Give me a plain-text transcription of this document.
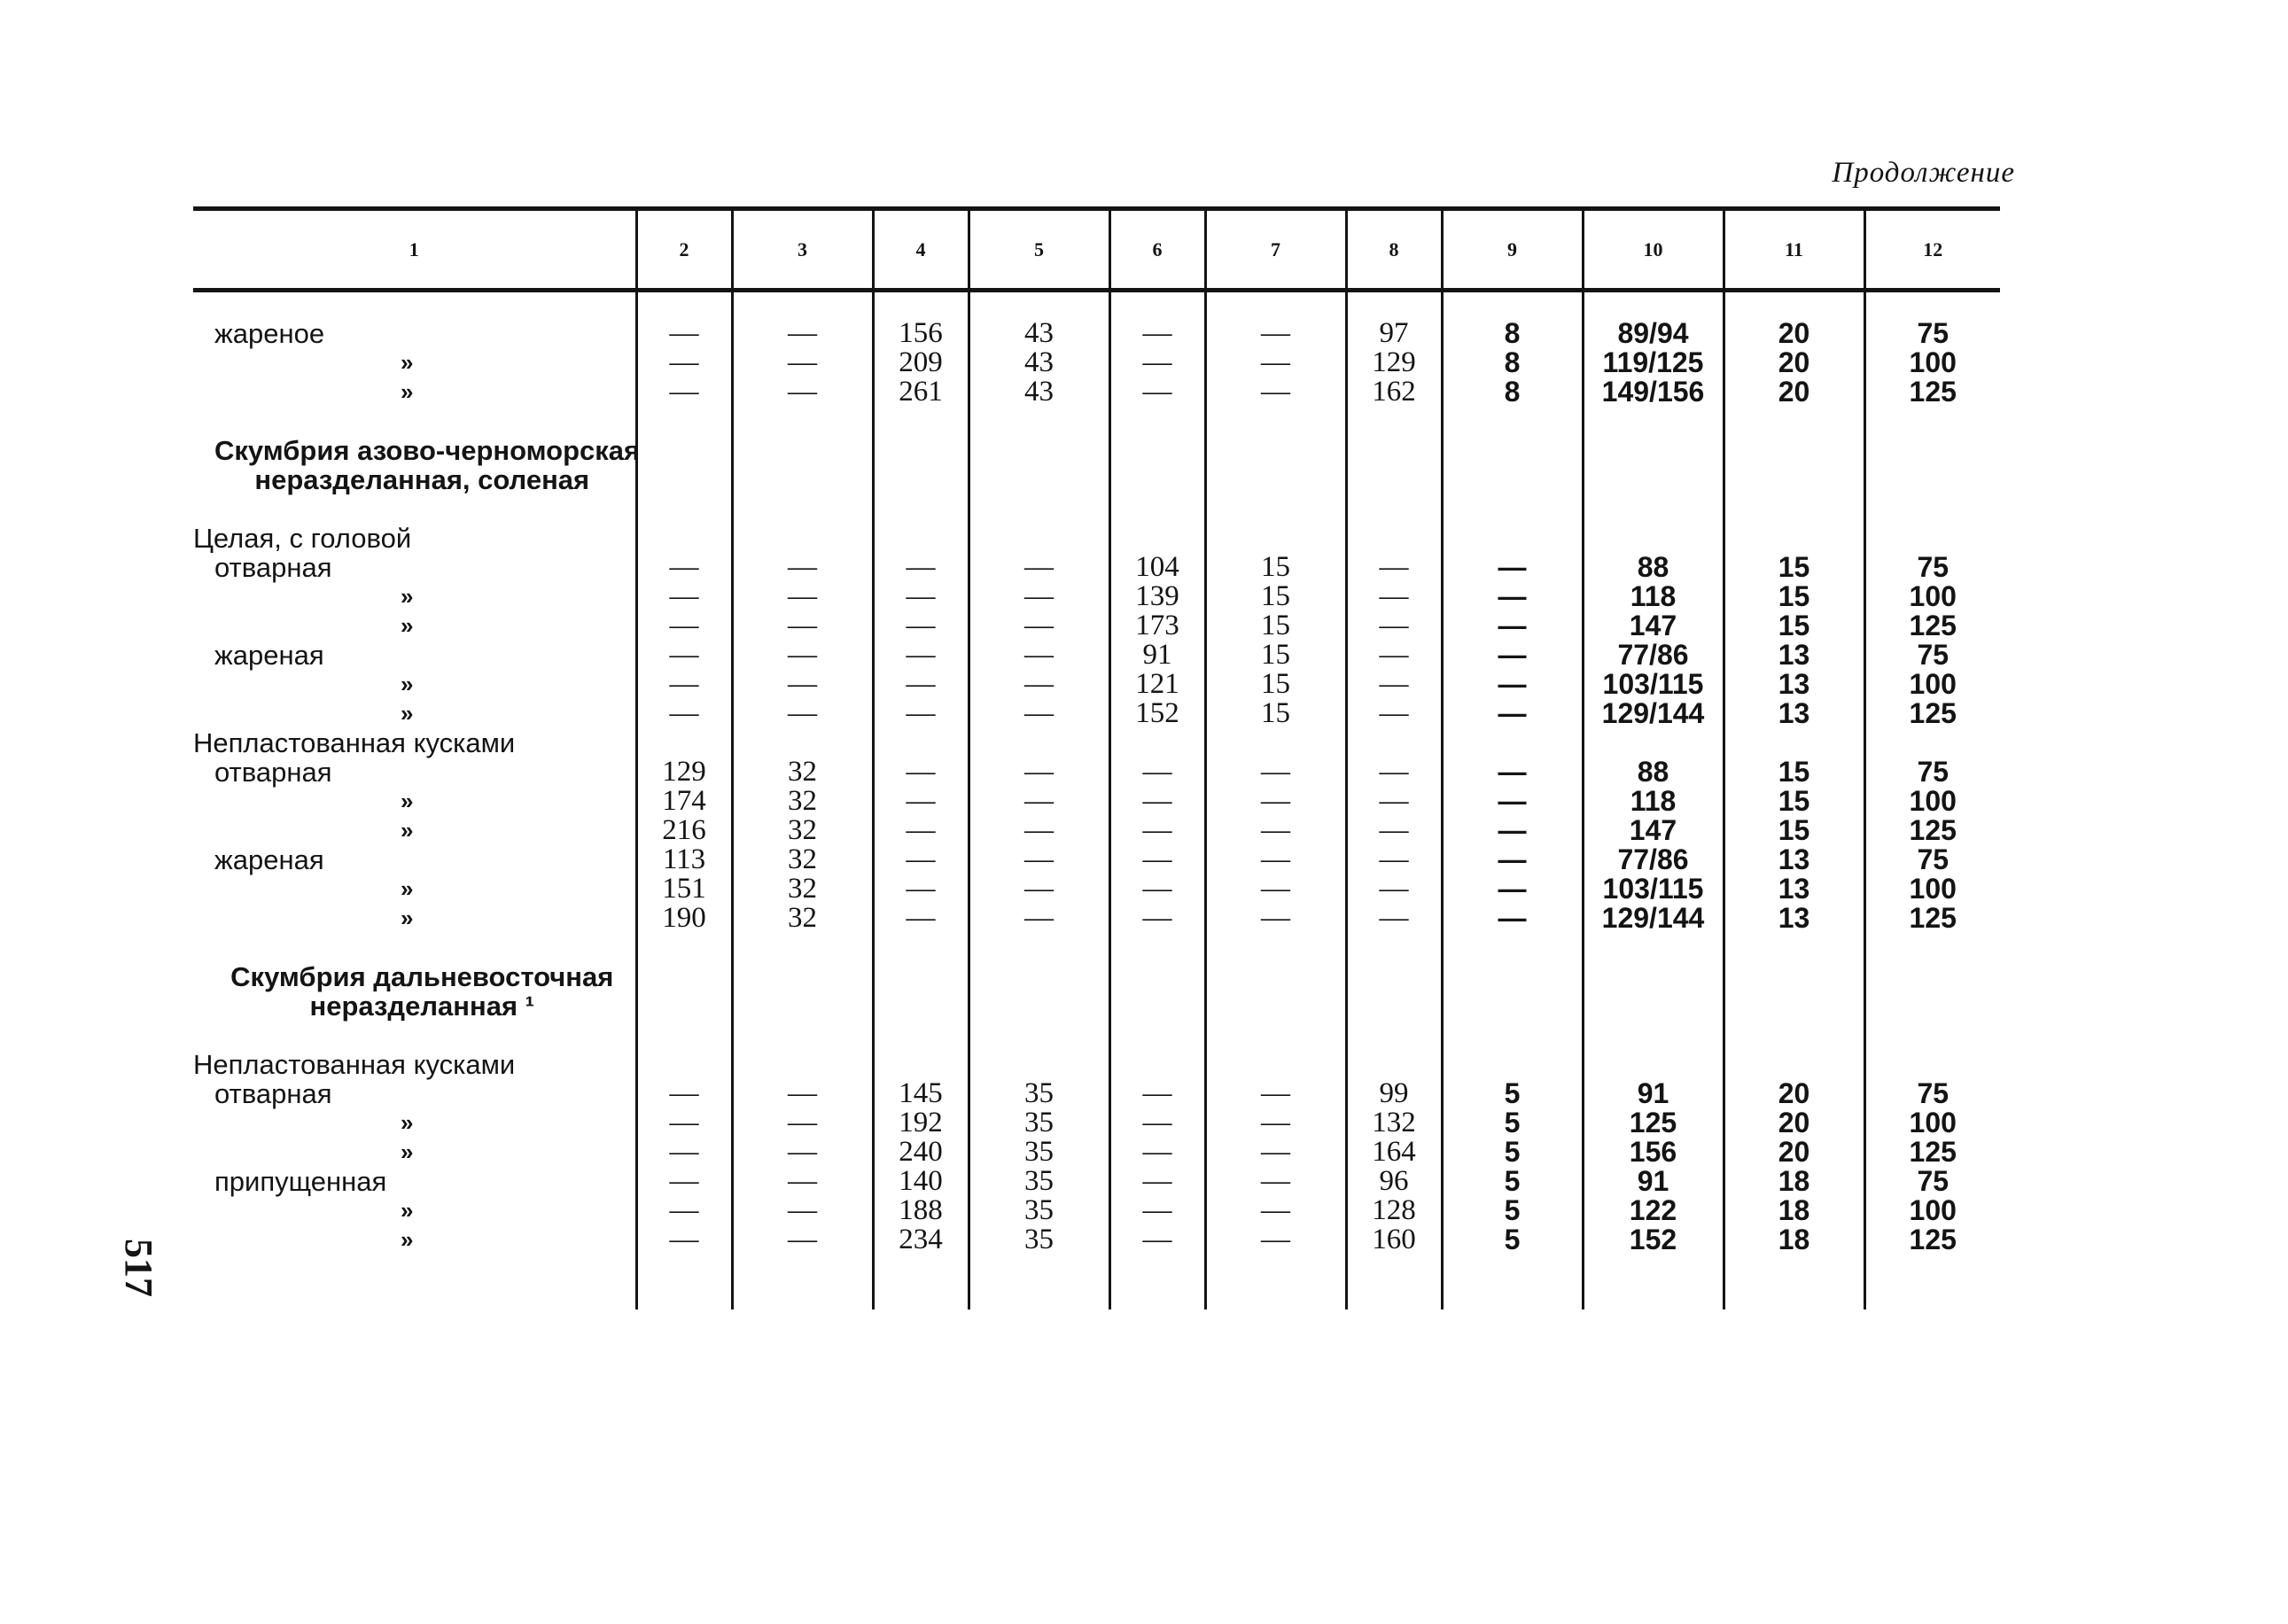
Продолжение
517
1	2	3	4	5	6	7	8	9	10	11	12
жареное	—	—	156	43	—	—	97	8	89/94	20	75
»	—	—	209	43	—	—	129	8	119/125	20	100
»	—	—	261	43	—	—	162	8	149/156	20	125

Скумбрия азово-черноморская											
неразделанная, соленая											

Целая, с головой											
отварная	—	—	—	—	104	15	—	—	88	15	75
»	—	—	—	—	139	15	—	—	118	15	100
»	—	—	—	—	173	15	—	—	147	15	125
жареная	—	—	—	—	91	15	—	—	77/86	13	75
»	—	—	—	—	121	15	—	—	103/115	13	100
»	—	—	—	—	152	15	—	—	129/144	13	125
Непластованная кусками											
отварная	129	32	—	—	—	—	—	—	88	15	75
»	174	32	—	—	—	—	—	—	118	15	100
»	216	32	—	—	—	—	—	—	147	15	125
жареная	113	32	—	—	—	—	—	—	77/86	13	75
»	151	32	—	—	—	—	—	—	103/115	13	100
»	190	32	—	—	—	—	—	—	129/144	13	125

Скумбрия дальневосточная											
неразделанная ¹											

Непластованная кусками											
отварная	—	—	145	35	—	—	99	5	91	20	75
»	—	—	192	35	—	—	132	5	125	20	100
»	—	—	240	35	—	—	164	5	156	20	125
припущенная	—	—	140	35	—	—	96	5	91	18	75
»	—	—	188	35	—	—	128	5	122	18	100
»	—	—	234	35	—	—	160	5	152	18	125
